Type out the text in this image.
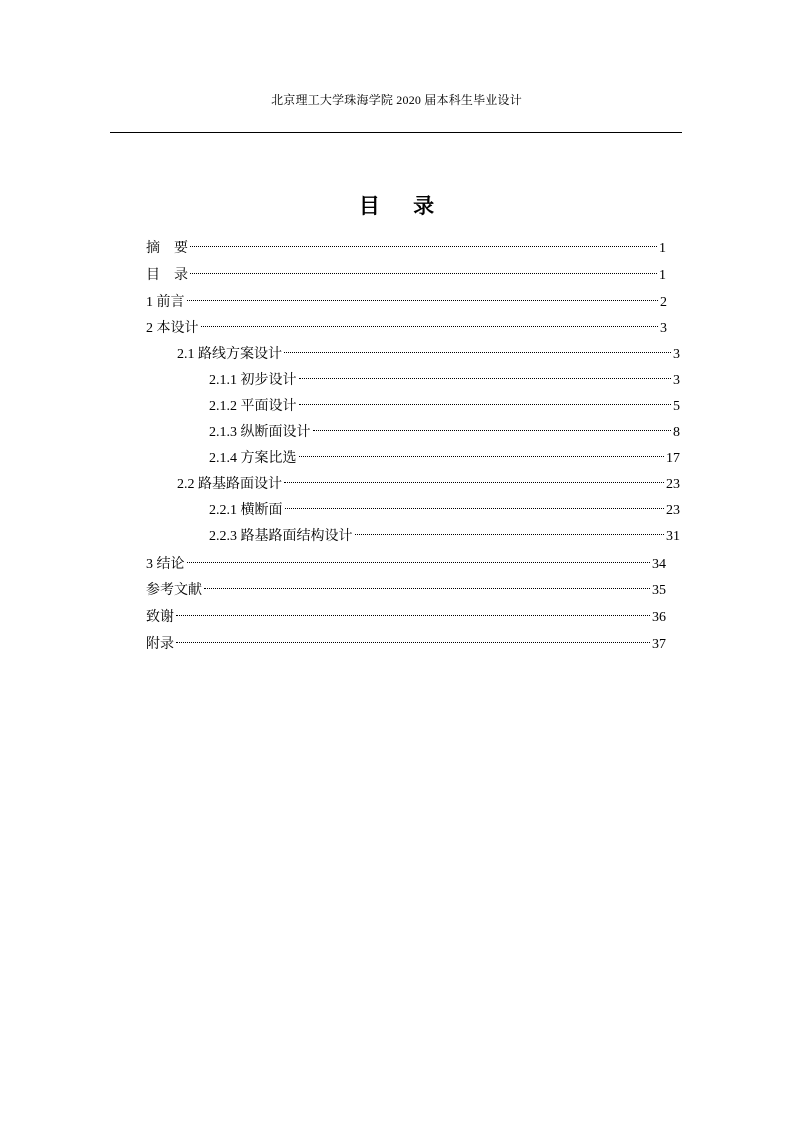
北京理工大学珠海学院 2020 届本科生毕业设计
目 录
摘　要	1
目　录	1
1 前言	2
2 本设计	3
2.1 路线方案设计	3
2.1.1 初步设计	3
2.1.2 平面设计	5
2.1.3 纵断面设计	8
2.1.4 方案比选	17
2.2 路基路面设计	23
2.2.1 横断面	23
2.2.3 路基路面结构设计	31
3 结论	34
参考文献	35
致谢	36
附录	37
